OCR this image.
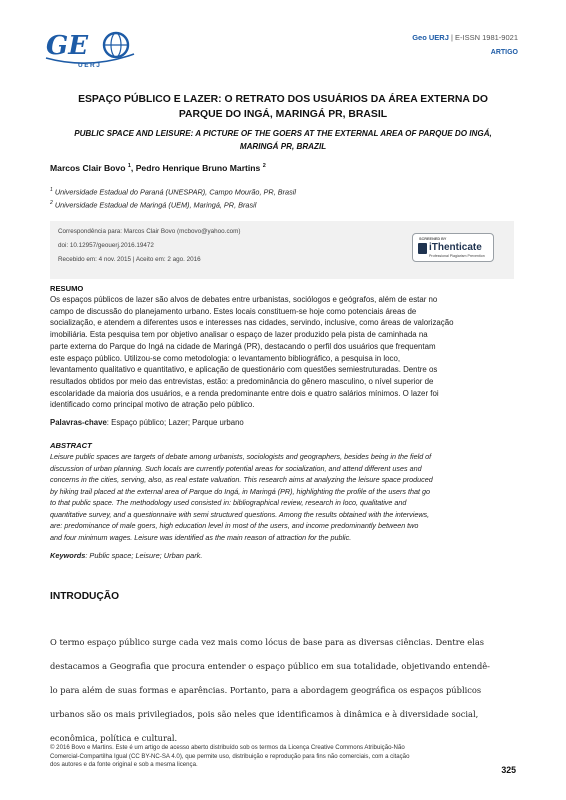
GE
UERJ
Geo UERJ | E-ISSN 1981-9021
ARTIGO
ESPAÇO PÚBLICO E LAZER: O RETRATO DOS USUÁRIOS DA ÁREA EXTERNA DO PARQUE DO INGÁ, MARINGÁ PR, BRASIL
PUBLIC SPACE AND LEISURE: A PICTURE OF THE GOERS AT THE EXTERNAL AREA OF PARQUE DO INGÁ, MARINGÁ PR, BRAZIL
Marcos Clair Bovo $^1$, Pedro Henrique Bruno Martins $^2$
$^1$ Universidade Estadual do Paraná (UNESPAR), Campo Mourão, PR, Brasil
$^2$ Universidade Estadual de Maringá (UEM), Maringá, PR, Brasil
Correspondência para: Marcos Clair Bovo (mcbovo@yahoo.com)
doi: 10.12957/geouerj.2016.19472
Recebido em: 4 nov. 2015 | Aceito em: 2 ago. 2016
SCREENED BY
iThenticate
Professional Plagiarism Prevention
RESUMO
Os espaços públicos de lazer são alvos de debates entre urbanistas, sociólogos e geógrafos, além de estar no
campo de discussão do planejamento urbano. Estes locais constituem-se hoje como potenciais áreas de
socialização, e atendem a diferentes usos e interesses nas cidades, servindo, inclusive, como áreas de valorização
imobiliária. Esta pesquisa tem por objetivo analisar o espaço de lazer produzido pela pista de caminhada na
parte externa do Parque do Ingá na cidade de Maringá (PR), destacando o perfil dos usuários que frequentam
este espaço público. Utilizou-se como metodologia: o levantamento bibliográfico, a pesquisa in loco,
levantamento qualitativo e quantitativo, e aplicação de questionário com questões semiestruturadas. Dentre os
resultados obtidos por meio das entrevistas, estão: a predominância do gênero masculino, o nível superior de
escolaridade da maioria dos usuários, e a renda predominante entre dois e quatro salários mínimos. O lazer foi
identificado como principal motivo de atração pelo público.
Palavras-chave: Espaço público; Lazer; Parque urbano
ABSTRACT
Leisure public spaces are targets of debate among urbanists, sociologists and geographers, besides being in the field of
discussion of urban planning. Such locals are currently potential areas for socialization, and attend different uses and
concerns in the cities, serving, also, as real estate valuation. This research aims at analyzing the leisure space produced
by hiking trail placed at the external area of Parque do Ingá, in Maringá (PR), highlighting the profile of the users that go
to that public space. The methodology used consisted in: bibliographical review, research in loco, qualitative and
quantitative survey, and a questionnaire with semi structured questions. Among the results obtained with the interviews,
are: predominance of male goers, high education level in most of the users, and income predominantly between two
and four minimum wages. Leisure was identified as the main reason of attraction for the public.
Keywords: Public space; Leisure; Urban park.
INTRODUÇÃO
O termo espaço público surge cada vez mais como lócus de base para as diversas ciências. Dentre elas
destacamos a Geografia que procura entender o espaço público em sua totalidade, objetivando entendê-
lo para além de suas formas e aparências. Portanto, para a abordagem geográfica os espaços públicos
urbanos são os mais privilegiados, pois são neles que identificamos à dinâmica e à diversidade social,
econômica, política e cultural.
© 2016 Bovo e Martins. Este é um artigo de acesso aberto distribuído sob os termos da Licença Creative Commons Atribuição-Não
Comercial-Compartilha Igual (CC BY-NC-SA 4.0), que permite uso, distribuição e reprodução para fins não comerciais, com a citação
dos autores e da fonte original e sob a mesma licença.
325
